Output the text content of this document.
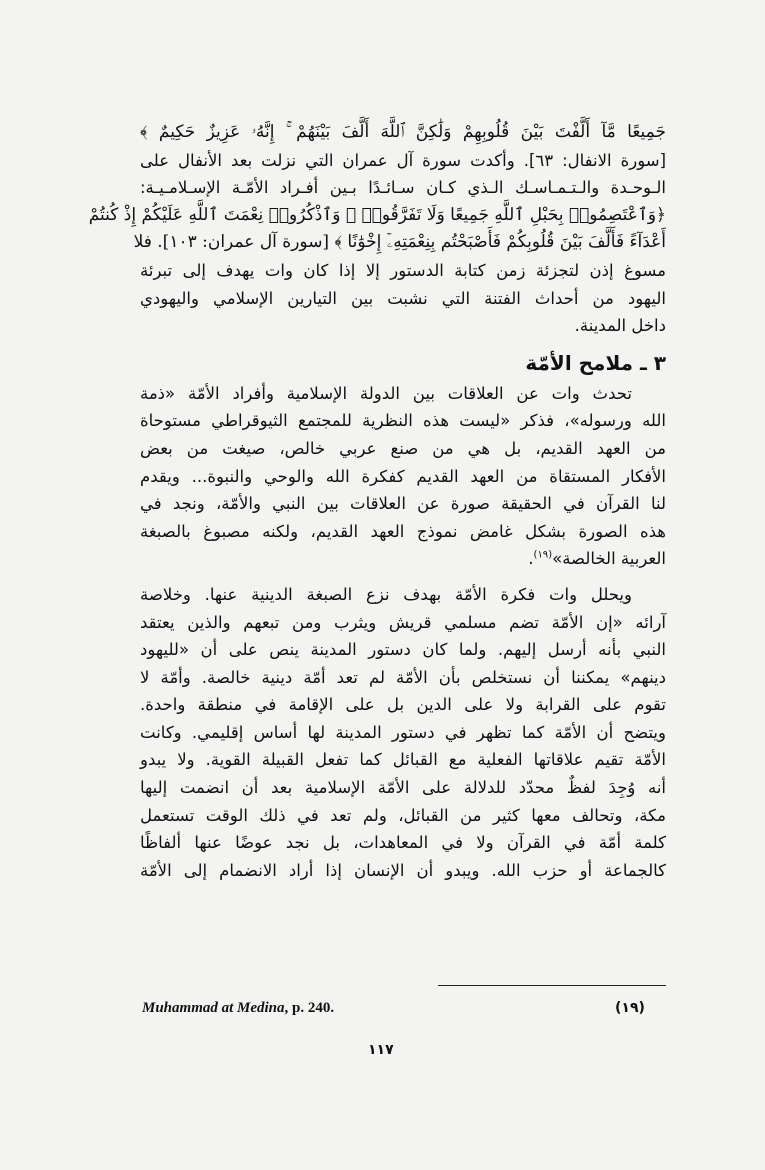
جَمِيعًا مَّآ أَلَّفْتَ بَيْنَ قُلُوبِهِمْ وَلَٰكِنَّ ٱللَّهَ أَلَّفَ بَيْنَهُمْ ۚ إِنَّهُۥ عَزِيزٌ حَكِيمٌ ﴾
[سورة الانفال: ٦٣]. وأكدت سورة آل عمران التي نزلت بعد الأنفال على
الـوحـدة والـتـمـاسـك الـذي كـان سـائـدًا بـين أفـراد الأمّـة الإسـلامـيـة:
﴿وَٱعْتَصِمُوا۟ بِحَبْلِ ٱللَّهِ جَمِيعًا وَلَا تَفَرَّقُوا۟ ۚ وَٱذْكُرُوا۟ نِعْمَتَ ٱللَّهِ عَلَيْكُمْ إِذْ كُنتُمْ
أَعْدَآءً فَأَلَّفَ بَيْنَ قُلُوبِكُمْ فَأَصْبَحْتُم بِنِعْمَتِهِۦٓ إِخْوَٰنًا ﴾ [سورة آل عمران: ١٠٣]. فلا
مسوغ إذن لتجزئة زمن كتابة الدستور إلا إذا كان وات يهدف إلى تبرئة
اليهود من أحداث الفتنة التي نشبت بين التيارين الإسلامي واليهودي
داخل المدينة.
٣ ـ ملامح الأمّة
تحدث وات عن العلاقات بين الدولة الإسلامية وأفراد الأمّة «ذمة
الله ورسوله»، فذكر «ليست هذه النظرية للمجتمع الثيوقراطي مستوحاة
من العهد القديم، بل هي من صنع عربي خالص، صيغت من بعض
الأفكار المستقاة من العهد القديم كفكرة الله والوحي والنبوة... ويقدم
لنا القرآن في الحقيقة صورة عن العلاقات بين النبي والأمّة، ونجد في
هذه الصورة بشكل غامض نموذج العهد القديم، ولكنه مصبوغ بالصبغة
العربية الخالصة»$^{(١٩)}$.
ويحلل وات فكرة الأمّة بهدف نزع الصبغة الدينية عنها. وخلاصة
آرائه «إن الأمّة تضم مسلمي قريش ويثرب ومن تبعهم والذين يعتقد
النبي بأنه أرسل إليهم. ولما كان دستور المدينة ينص على أن «لليهود
دينهم» يمكننا أن نستخلص بأن الأمّة لم تعد أمّة دينية خالصة. وأمّة لا
تقوم على القرابة ولا على الدين بل على الإقامة في منطقة واحدة.
ويتضح أن الأمّة كما تظهر في دستور المدينة لها أساس إقليمي. وكانت
الأمّة تقيم علاقاتها الفعلية مع القبائل كما تفعل القبيلة القوية. ولا يبدو
أنه وُجِدَ لفظٌ محدّد للدلالة على الأمّة الإسلامية بعد أن انضمت إليها
مكة، وتحالف معها كثير من القبائل، ولم تعد في ذلك الوقت تستعمل
كلمة أمّة في القرآن ولا في المعاهدات، بل نجد عوضًا عنها ألفاظًا
كالجماعة أو حزب الله. ويبدو أن الإنسان إذا أراد الانضمام إلى الأمّة
(١٩)
Muhammad at Medina, p. 240.
١١٧
